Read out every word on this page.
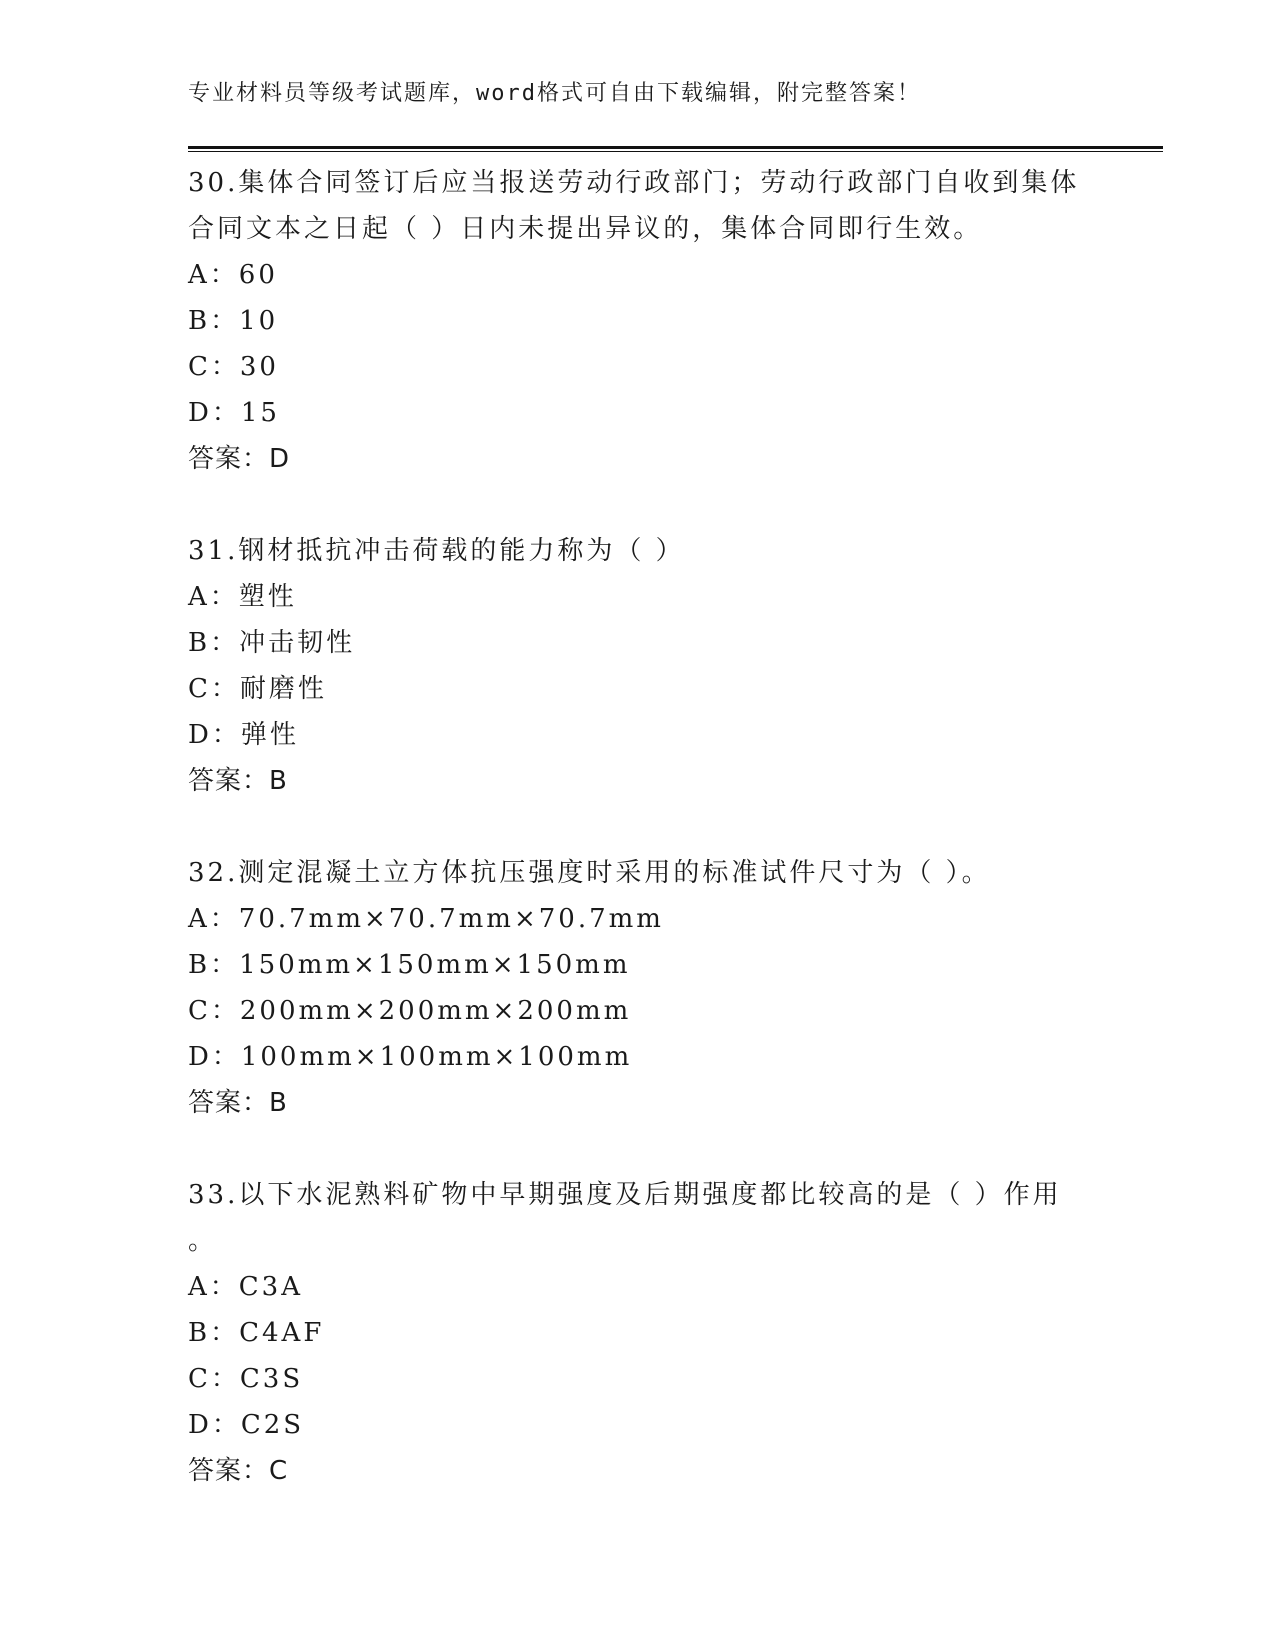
专业材料员等级考试题库，word格式可自由下载编辑，附完整答案！
30.集体合同签订后应当报送劳动行政部门；劳动行政部门自收到集体
合同文本之日起（ ）日内未提出异议的，集体合同即行生效。
A：60
B：10
C：30
D：15
答案：D
31.钢材抵抗冲击荷载的能力称为（ ）
A：塑性
B：冲击韧性
C：耐磨性
D：弹性
答案：B
32.测定混凝土立方体抗压强度时采用的标准试件尺寸为（ ）。
A：70.7mm×70.7mm×70.7mm
B：150mm×150mm×150mm
C：200mm×200mm×200mm
D：100mm×100mm×100mm
答案：B
33.以下水泥熟料矿物中早期强度及后期强度都比较高的是（ ）作用
。
A：C3A
B：C4AF
C：C3S
D：C2S
答案：C
